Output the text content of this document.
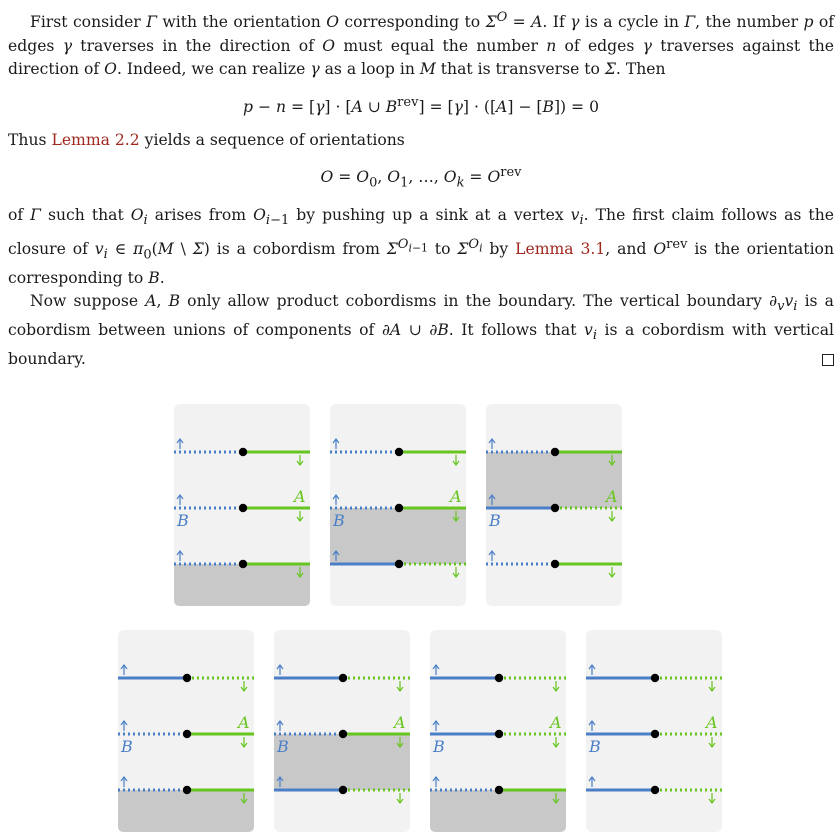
First consider Γ with the orientation O corresponding to $\Sigma^O = A$. If γ is a cycle in Γ, the number p of edges γ traverses in the direction of O must equal the number n of edges γ traverses against the direction of O. Indeed, we can realize γ as a loop in M that is transverse to Σ. Then

p − n = [γ] · [A ∪ $B^{rev}] = [\gamma] \cdot ([A] - [B]) = 0$

Thus Lemma 2.2 yields a sequence of orientations

$O = O_0$, $O_1$, …, $O_k = O^{rev}$

of Γ such that $O_i$ arises from $O_{i-1}$ by pushing up a sink at a vertex $v_i$. The first claim follows as the closure of $v_i$ ∈ $\pi_0(M$ \ Σ) is a cobordism from $\Sigma^{O_{i-1}}$ to $\Sigma^{O_i}$ by Lemma 3.1, and $O^{rev}$ is the orientation corresponding to B.

Now suppose A, B only allow product cobordisms in the boundary. The vertical boundary $\partial_vv_i$ is a cobordism between unions of components of ∂A ∪ ∂B. It follows that $v_i$ is a cobordism with vertical boundary.

A
B
A
B
A
B
A
B
A
B
A
B
A
B
